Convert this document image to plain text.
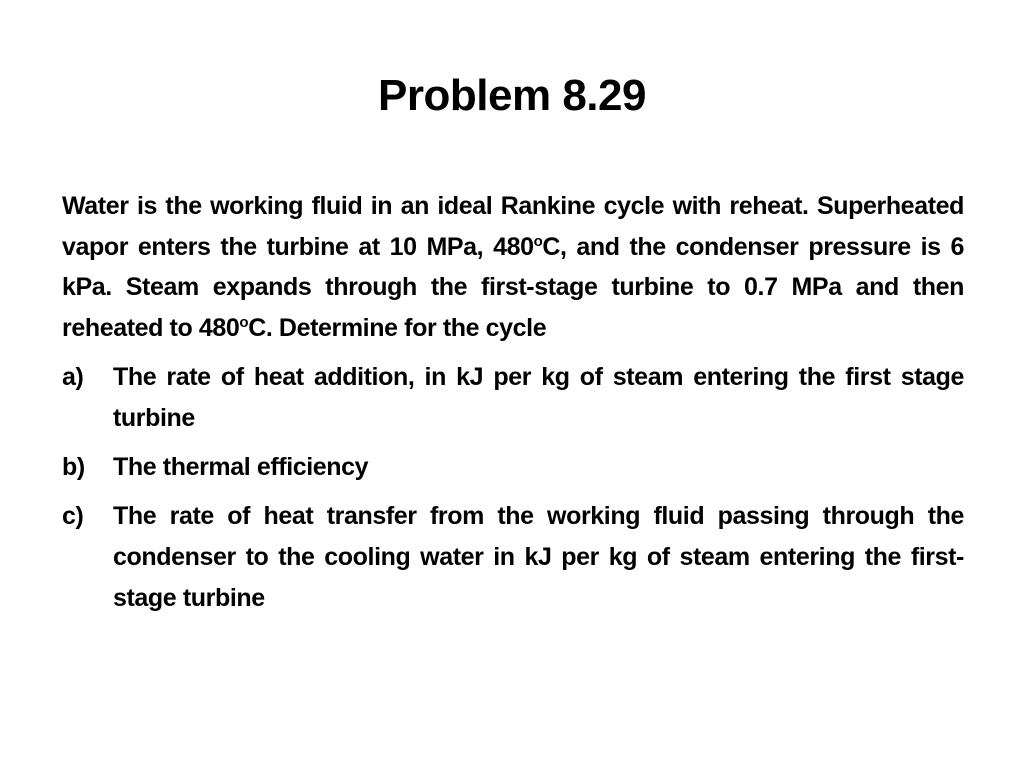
Problem 8.29

Water is the working fluid in an ideal Rankine cycle with reheat. Superheated vapor enters the turbine at 10 MPa, 480$^o$C, and the condenser pressure is 6 kPa. Steam expands through the first-stage turbine to 0.7 MPa and then reheated to 480$^o$C. Determine for the cycle

a) The rate of heat addition, in kJ per kg of steam entering the first stage turbine
b) The thermal efficiency
c) The rate of heat transfer from the working fluid passing through the condenser to the cooling water in kJ per kg of steam entering the first-stage turbine
